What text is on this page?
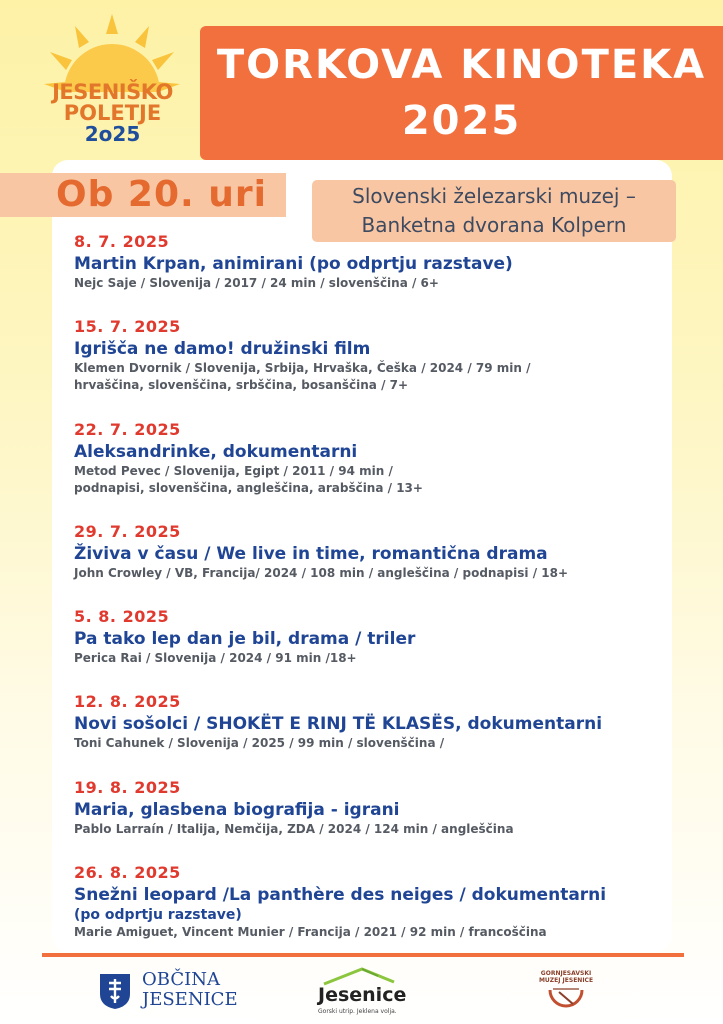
JESENIŠKO
POLETJE
2o25
TORKOVA KINOTEKA
2025
Ob 20. uri	Slovenski železarski muzej –
Banketna dvorana Kolpern
8. 7. 2025
Martin Krpan, animirani (po odprtju razstave)
Nejc Saje / Slovenija / 2017 / 24 min / slovenščina / 6+
15. 7. 2025
Igrišča ne damo! družinski film
Klemen Dvornik / Slovenija, Srbija, Hrvaška, Češka / 2024 / 79 min /
hrvaščina, slovenščina, srbščina, bosanščina / 7+
22. 7. 2025
Aleksandrinke, dokumentarni
Metod Pevec / Slovenija, Egipt / 2011 / 94 min /
podnapisi, slovenščina, angleščina, arabščina / 13+
29. 7. 2025
Živiva v času / We live in time, romantična drama
John Crowley / VB, Francija/ 2024 / 108 min / angleščina / podnapisi / 18+
5. 8. 2025
Pa tako lep dan je bil, drama / triler
Perica Rai / Slovenija / 2024 / 91 min /18+
12. 8. 2025
Novi sošolci / SHOKËT E RINJ TË KLASËS, dokumentarni
Toni Cahunek / Slovenija / 2025 / 99 min / slovenščina /
19. 8. 2025
Maria, glasbena biografija - igrani
Pablo Larraín / Italija, Nemčija, ZDA / 2024 / 124 min / angleščina
26. 8. 2025
Snežni leopard /La panthère des neiges / dokumentarni
(po odprtju razstave)
Marie Amiguet, Vincent Munier / Francija / 2021 / 92 min / francoščina
OBČINA
JESENICE	Jesenice
Gorski utrip. Jeklena volja.
GORNJESAVSKI
MUZEJ JESENICE
